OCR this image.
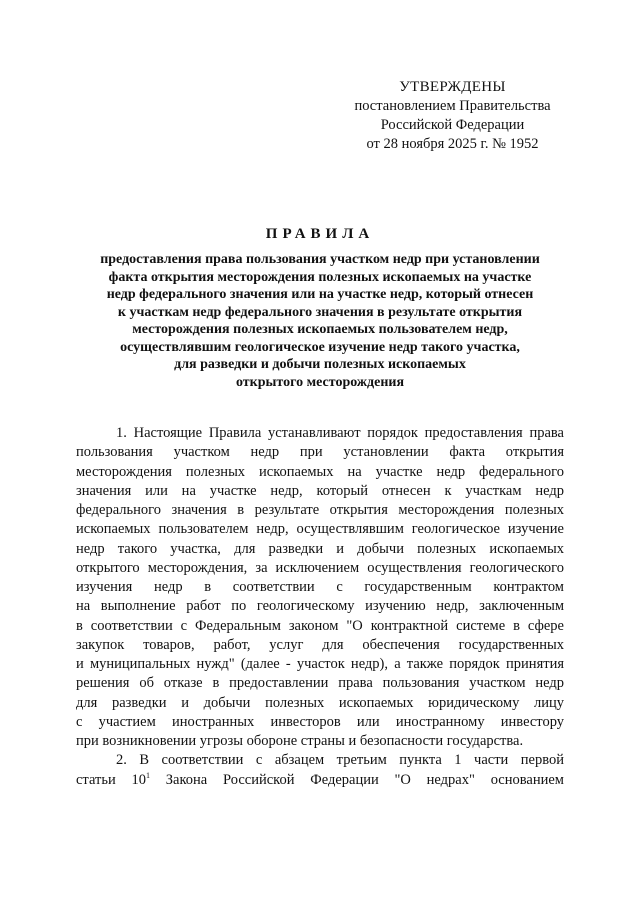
УТВЕРЖДЕНЫ
постановлением Правительства
Российской Федерации
от 28 ноября 2025 г. № 1952
ПРАВИЛА
предоставления права пользования участком недр при установлении
факта открытия месторождения полезных ископаемых на участке
недр федерального значения или на участке недр, который отнесен
к участкам недр федерального значения в результате открытия
месторождения полезных ископаемых пользователем недр,
осуществлявшим геологическое изучение недр такого участка,
для разведки и добычи полезных ископаемых
открытого месторождения
1. Настоящие Правила устанавливают порядок предоставления права
пользования участком недр при установлении факта открытия
месторождения полезных ископаемых на участке недр федерального
значения или на участке недр, который отнесен к участкам недр
федерального значения в результате открытия месторождения полезных
ископаемых пользователем недр, осуществлявшим геологическое изучение
недр такого участка, для разведки и добычи полезных ископаемых
открытого месторождения, за исключением осуществления геологического
изучения недр в соответствии с государственным контрактом
на выполнение работ по геологическому изучению недр, заключенным
в соответствии с Федеральным законом "О контрактной системе в сфере
закупок товаров, работ, услуг для обеспечения государственных
и муниципальных нужд" (далее - участок недр), а также порядок принятия
решения об отказе в предоставлении права пользования участком недр
для разведки и добычи полезных ископаемых юридическому лицу
с участием иностранных инвесторов или иностранному инвестору
при возникновении угрозы обороне страны и безопасности государства.
2. В соответствии с абзацем третьим пункта 1 части первой
статьи $10^1$ Закона Российской Федерации "О недрах" основанием
